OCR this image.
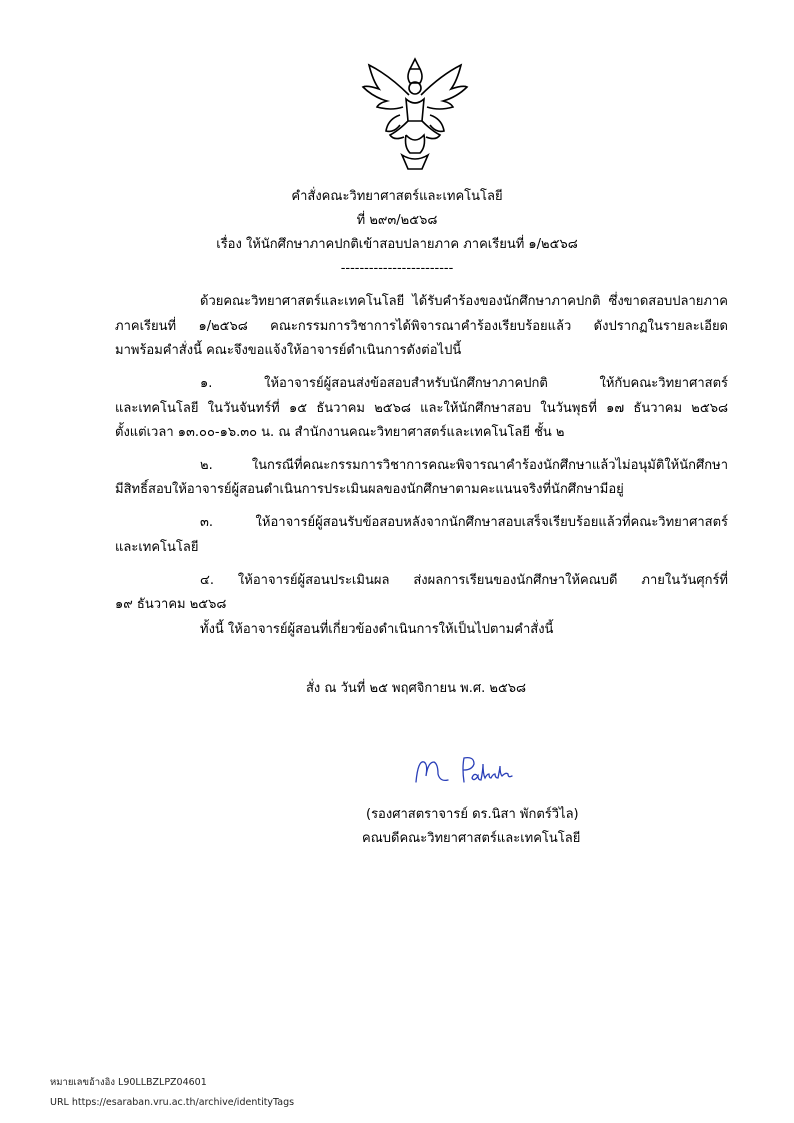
คำสั่งคณะวิทยาศาสตร์และเทคโนโลยี
ที่ ๒๙๓/๒๕๖๘
เรื่อง ให้นักศึกษาภาคปกติเข้าสอบปลายภาค ภาคเรียนที่ ๑/๒๕๖๘
------------------------
ด้วยคณะวิทยาศาสตร์และเทคโนโลยี ได้รับคำร้องของนักศึกษาภาคปกติ ซึ่งขาดสอบปลายภาค
ภาคเรียนที่ ๑/๒๕๖๘ คณะกรรมการวิชาการได้พิจารณาคำร้องเรียบร้อยแล้ว ดังปรากฏในรายละเอียด
มาพร้อมคำสั่งนี้ คณะจึงขอแจ้งให้อาจารย์ดำเนินการดังต่อไปนี้
๑. ให้อาจารย์ผู้สอนส่งข้อสอบสำหรับนักศึกษาภาคปกติ ให้กับคณะวิทยาศาสตร์
และเทคโนโลยี ในวันจันทร์ที่ ๑๕ ธันวาคม ๒๕๖๘ และให้นักศึกษาสอบ ในวันพุธที่ ๑๗ ธันวาคม ๒๕๖๘
ตั้งแต่เวลา ๑๓.๐๐-๑๖.๓๐ น. ณ สำนักงานคณะวิทยาศาสตร์และเทคโนโลยี ชั้น ๒
๒. ในกรณีที่คณะกรรมการวิชาการคณะพิจารณาคำร้องนักศึกษาแล้วไม่อนุมัติให้นักศึกษา
มีสิทธิ์สอบให้อาจารย์ผู้สอนดำเนินการประเมินผลของนักศึกษาตามคะแนนจริงที่นักศึกษามีอยู่
๓. ให้อาจารย์ผู้สอนรับข้อสอบหลังจากนักศึกษาสอบเสร็จเรียบร้อยแล้วที่คณะวิทยาศาสตร์
และเทคโนโลยี
๔. ให้อาจารย์ผู้สอนประเมินผล ส่งผลการเรียนของนักศึกษาให้คณบดี ภายในวันศุกร์ที่
๑๙ ธันวาคม ๒๕๖๘
ทั้งนี้ ให้อาจารย์ผู้สอนที่เกี่ยวข้องดำเนินการให้เป็นไปตามคำสั่งนี้
สั่ง ณ วันที่ ๒๕ พฤศจิกายน พ.ศ. ๒๕๖๘
(รองศาสตราจารย์ ดร.นิสา พักตร์วิไล)
คณบดีคณะวิทยาศาสตร์และเทคโนโลยี
หมายเลขอ้างอิง L90LLBZLPZ04601
URL https://esaraban.vru.ac.th/archive/identityTags
